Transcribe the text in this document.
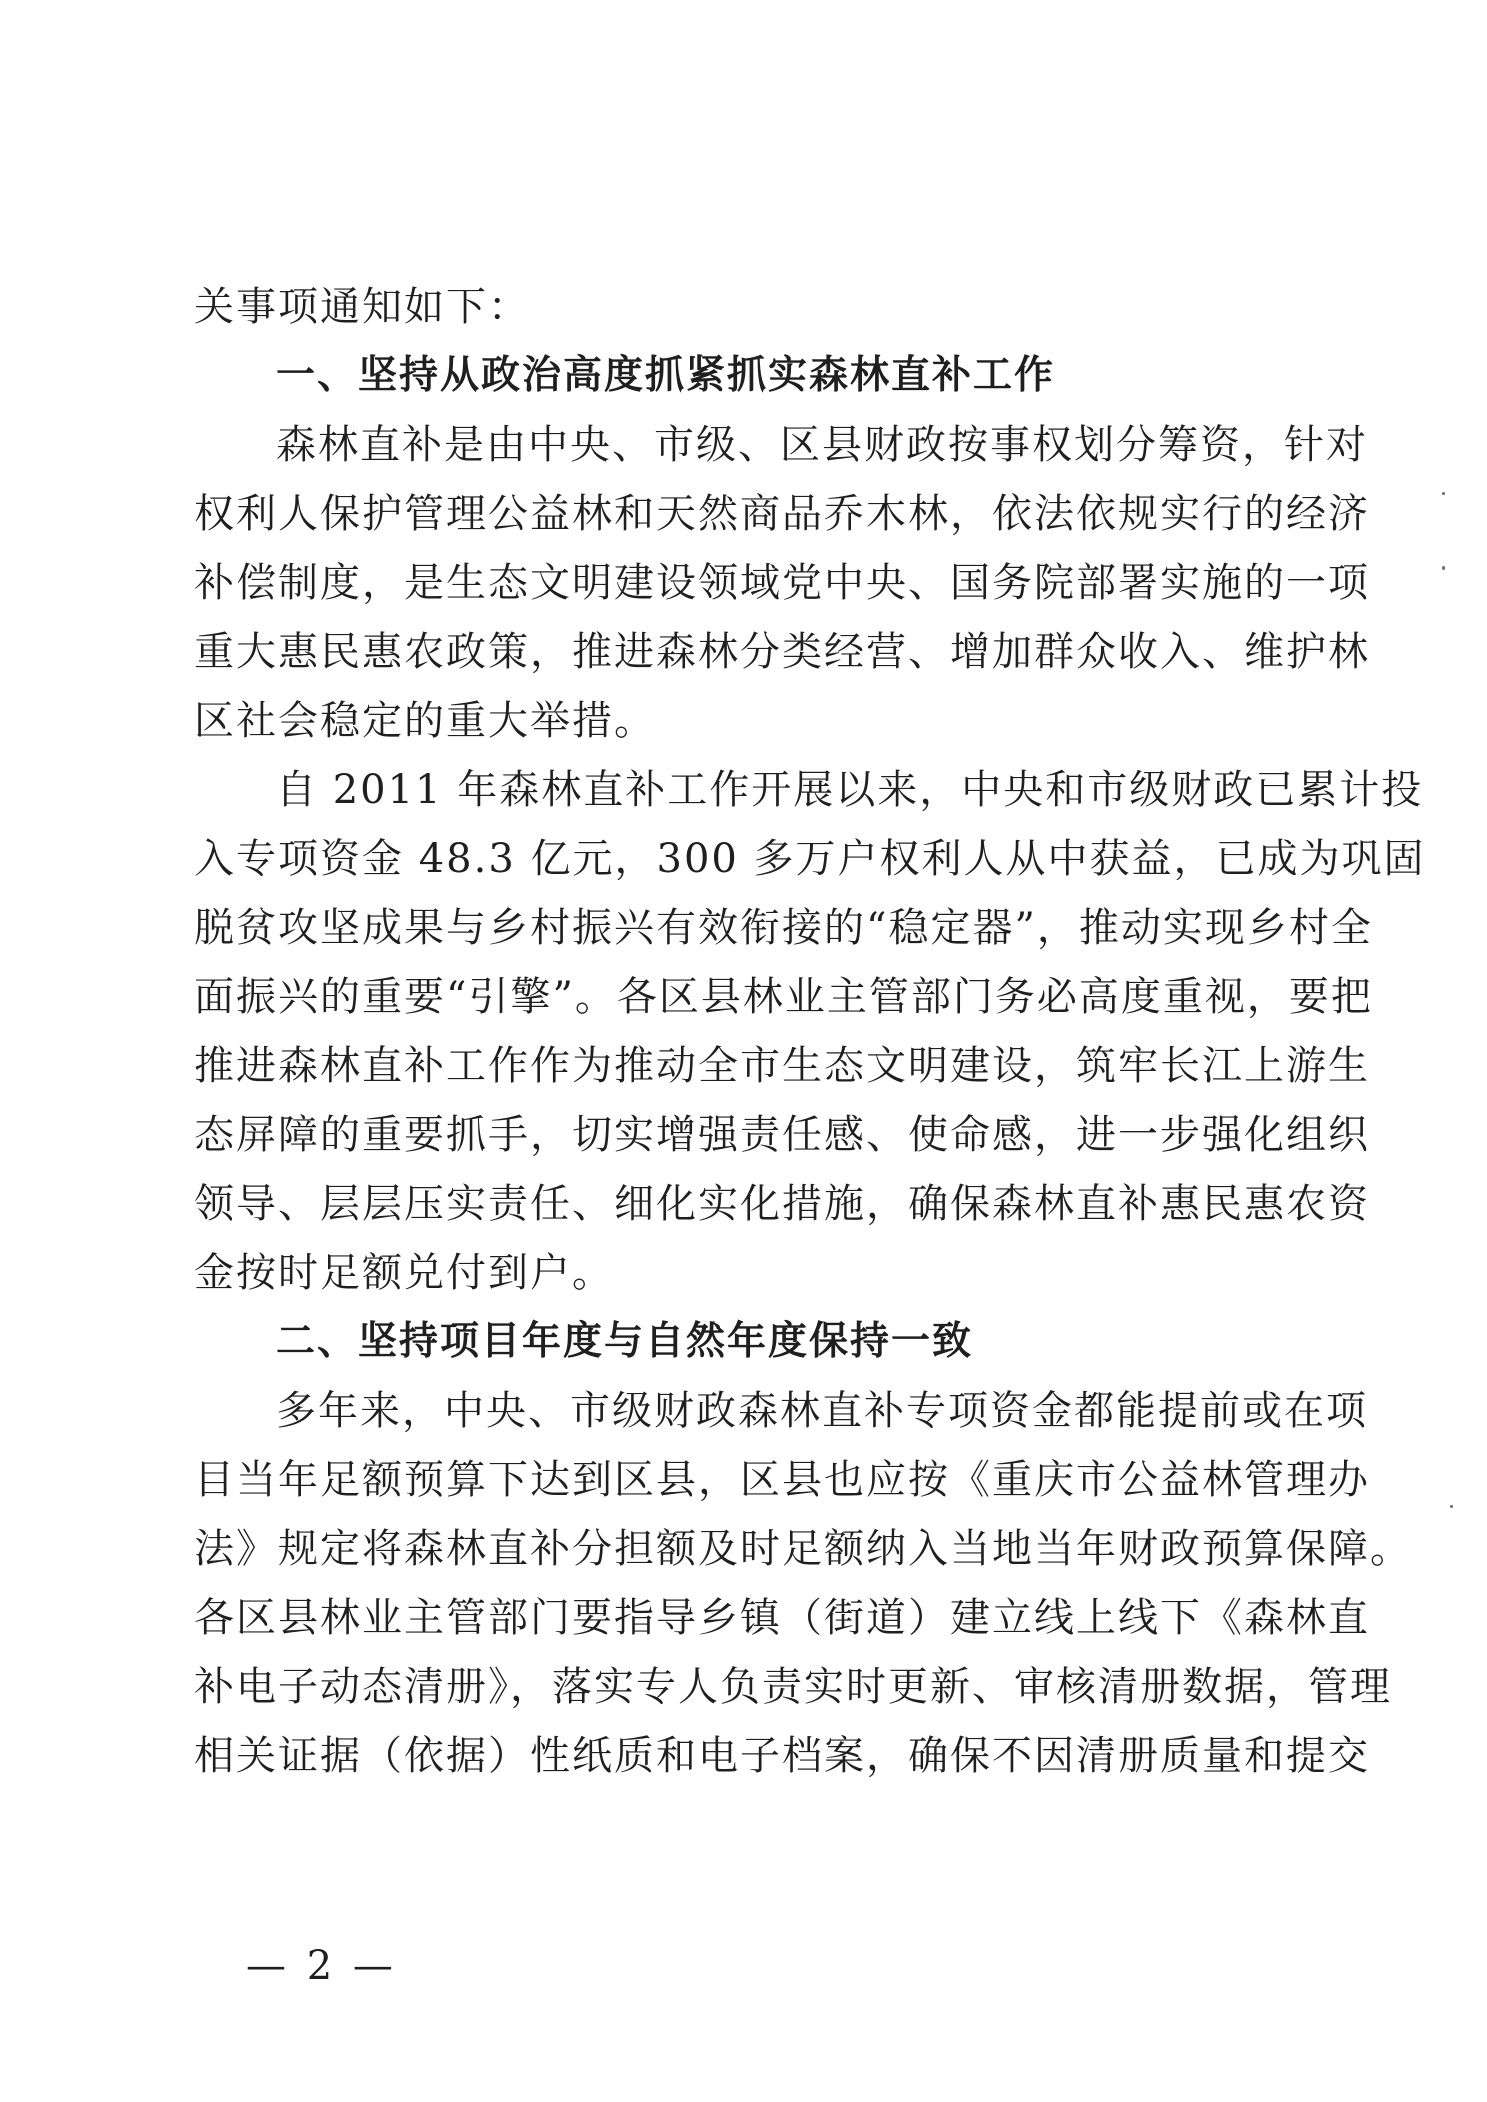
关事项通知如下：
一、坚持从政治高度抓紧抓实森林直补工作
森林直补是由中央、市级、区县财政按事权划分筹资，针对
权利人保护管理公益林和天然商品乔木林，依法依规实行的经济
补偿制度，是生态文明建设领域党中央、国务院部署实施的一项
重大惠民惠农政策，推进森林分类经营、增加群众收入、维护林
区社会稳定的重大举措。
自 2011 年森林直补工作开展以来，中央和市级财政已累计投
入专项资金 48.3 亿元，300 多万户权利人从中获益，已成为巩固
脱贫攻坚成果与乡村振兴有效衔接的“稳定器”，推动实现乡村全
面振兴的重要“引擎”。各区县林业主管部门务必高度重视，要把
推进森林直补工作作为推动全市生态文明建设，筑牢长江上游生
态屏障的重要抓手，切实增强责任感、使命感，进一步强化组织
领导、层层压实责任、细化实化措施，确保森林直补惠民惠农资
金按时足额兑付到户。
二、坚持项目年度与自然年度保持一致
多年来，中央、市级财政森林直补专项资金都能提前或在项
目当年足额预算下达到区县，区县也应按《重庆市公益林管理办
法》规定将森林直补分担额及时足额纳入当地当年财政预算保障。
各区县林业主管部门要指导乡镇（街道）建立线上线下《森林直
补电子动态清册》，落实专人负责实时更新、审核清册数据，管理
相关证据（依据）性纸质和电子档案，确保不因清册质量和提交
— 2 —
